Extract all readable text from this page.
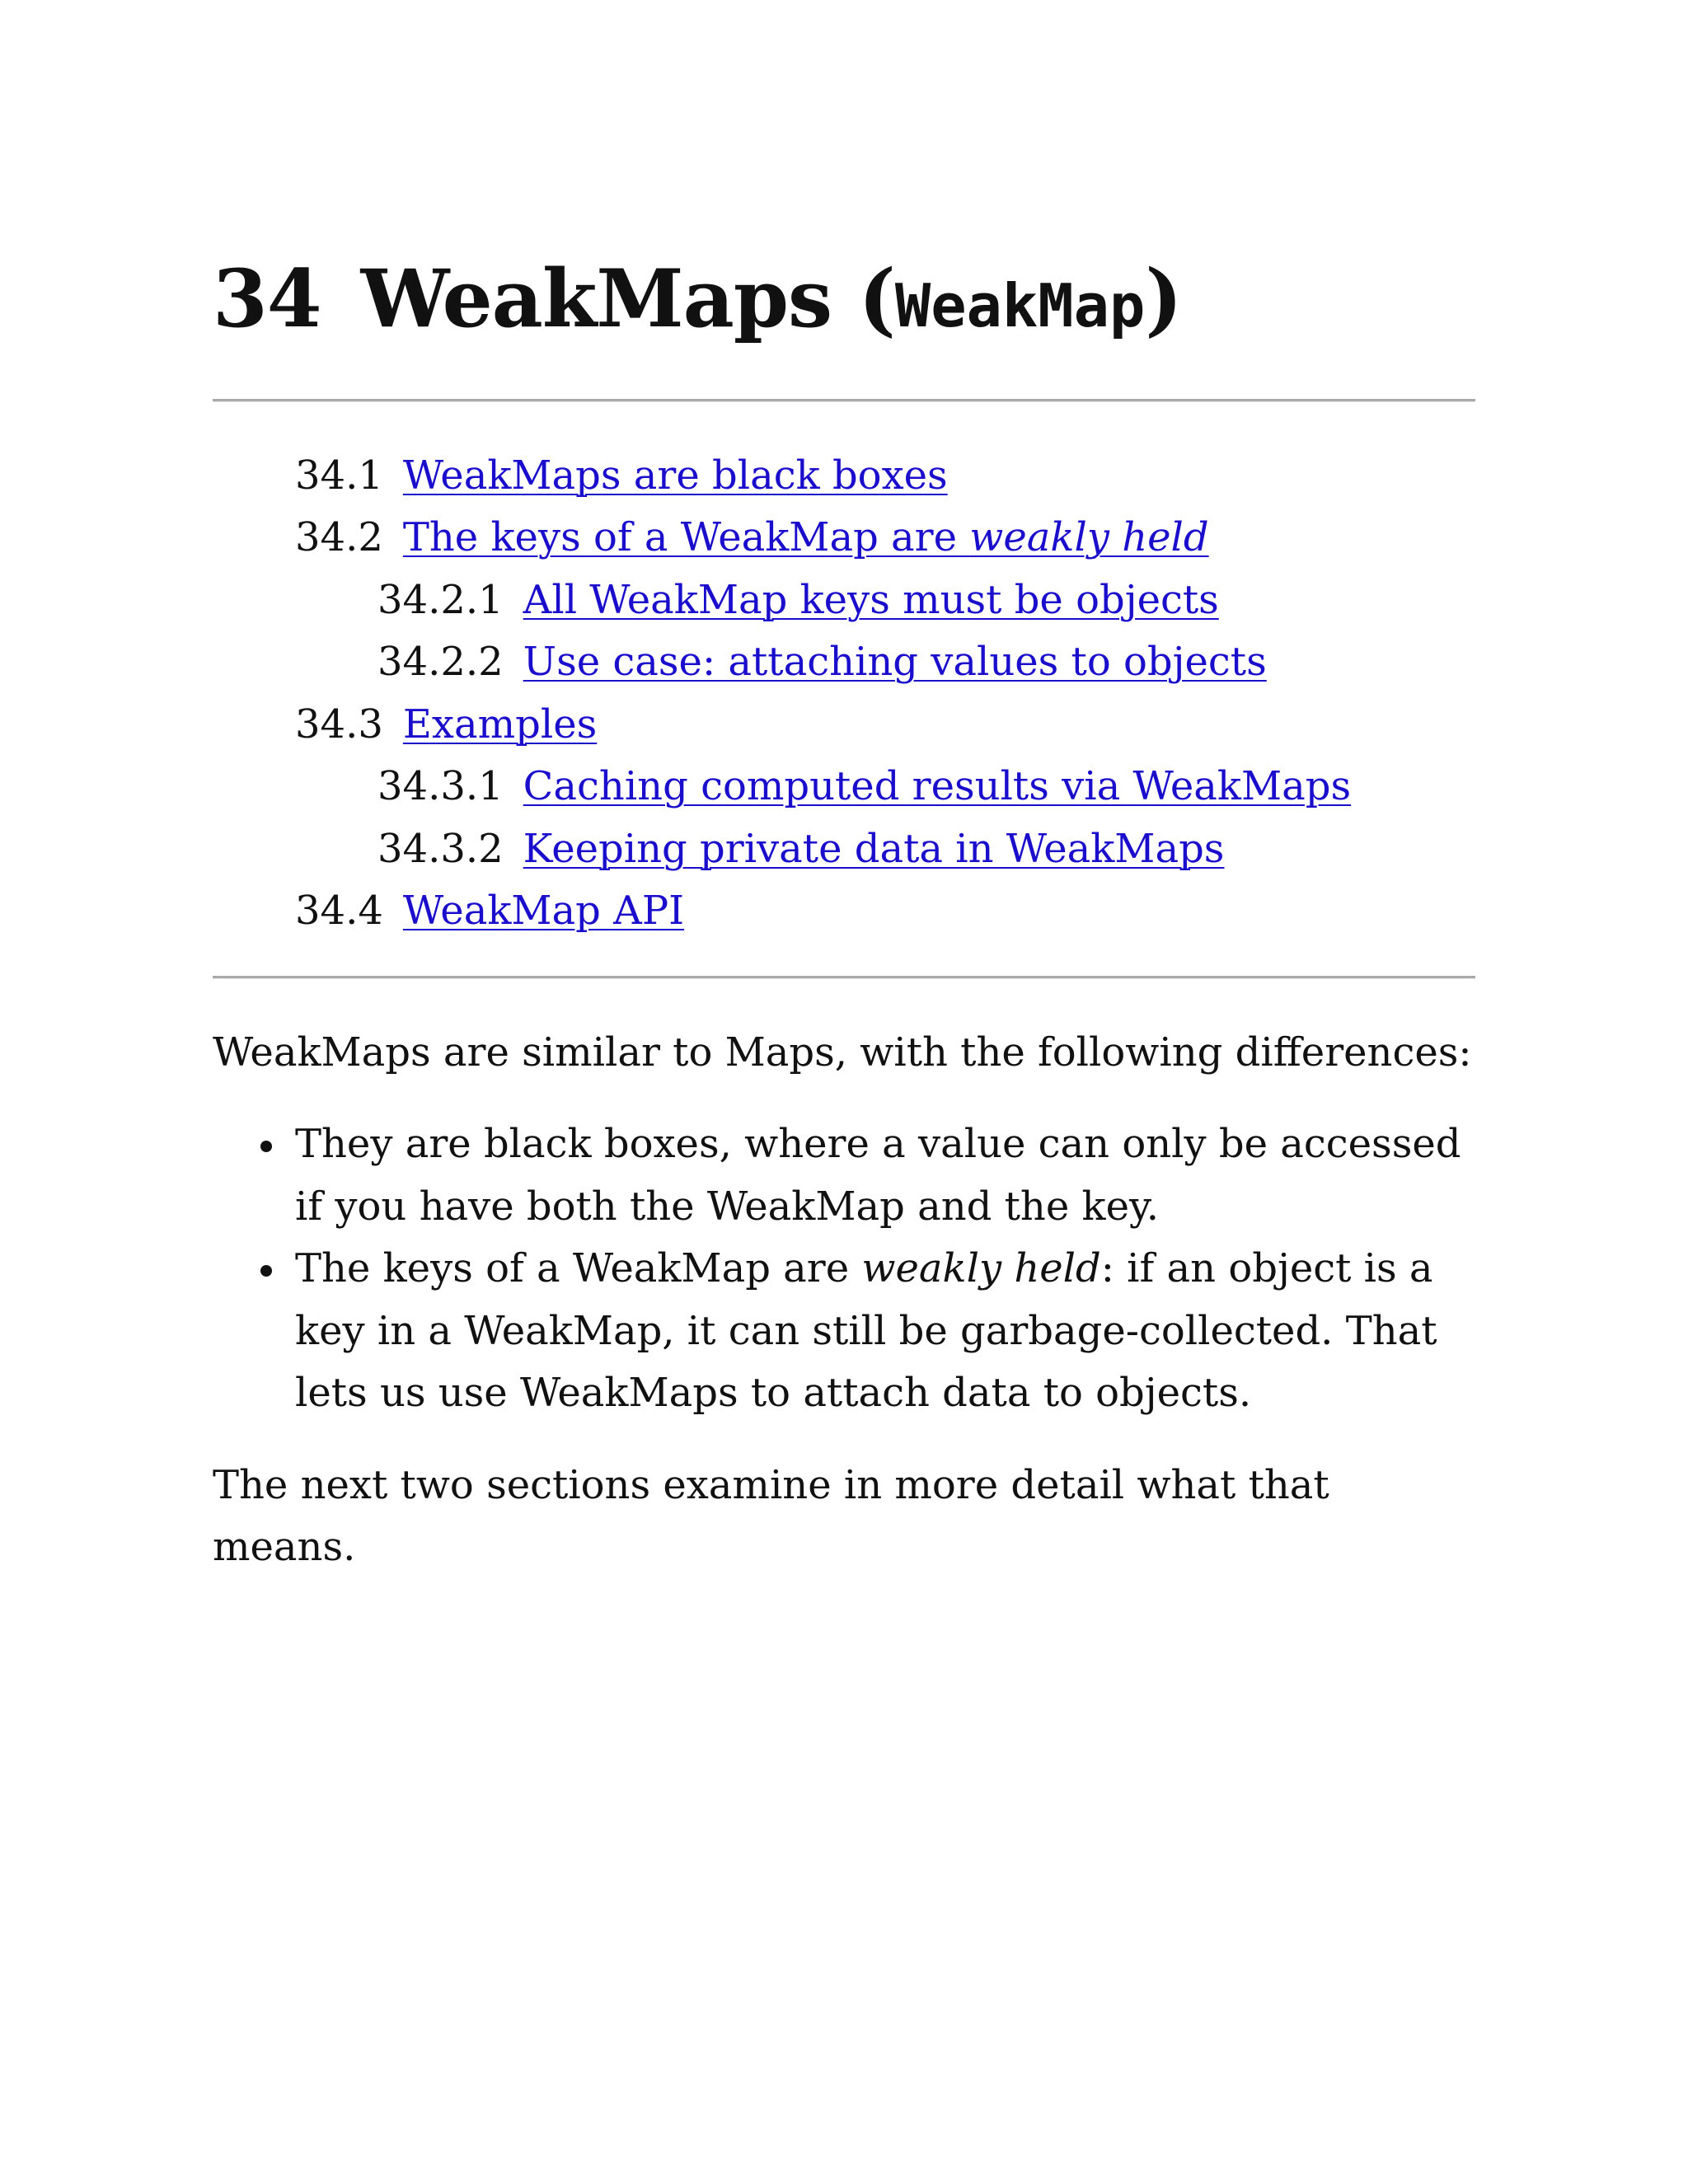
34 WeakMaps (WeakMap)
34.1 WeakMaps are black boxes
34.2 The keys of a WeakMap are weakly held
34.2.1 All WeakMap keys must be objects
34.2.2 Use case: attaching values to objects
34.3 Examples
34.3.1 Caching computed results via WeakMaps
34.3.2 Keeping private data in WeakMaps
34.4 WeakMap API

WeakMaps are similar to Maps, with the following differences:

They are black boxes, where a value can only be accessed if you have both the WeakMap and the key.
The keys of a WeakMap are weakly held: if an object is a key in a WeakMap, it can still be garbage-collected. That lets us use WeakMaps to attach data to objects.

The next two sections examine in more detail what that means.
